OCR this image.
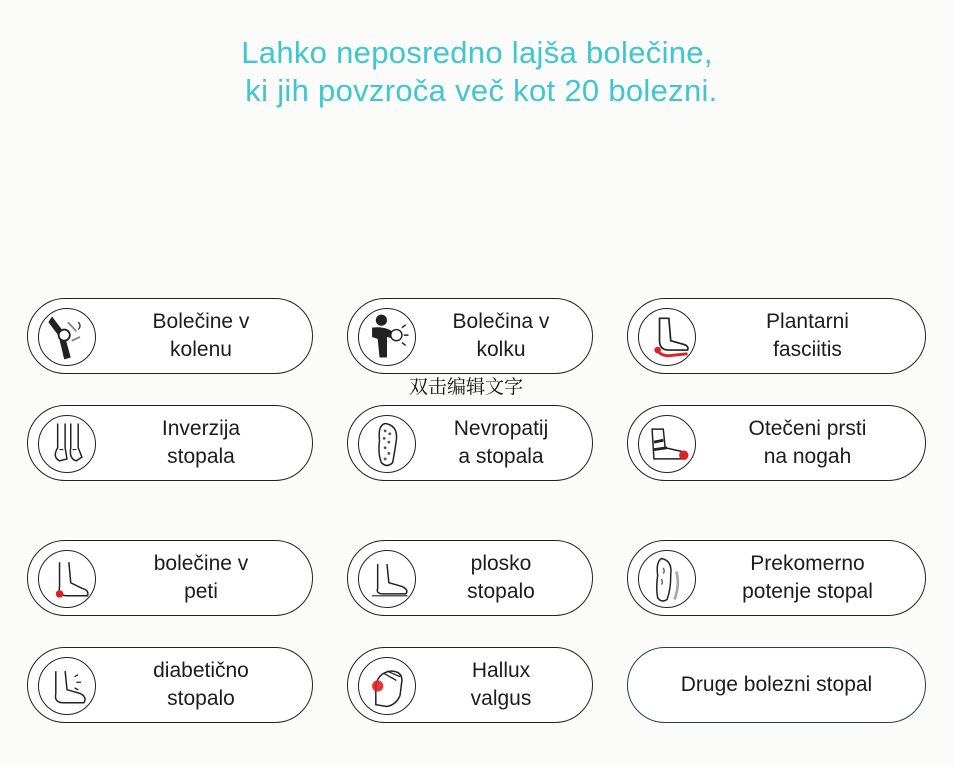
Lahko neposredno lajša bolečine,
ki jih povzroča več kot 20 bolezni.
Bolečine v
kolenu
Bolečina v
kolku
Plantarni
fasciitis
Inverzija
stopala
Nevropatij
a stopala
Otečeni prsti
na nogah
bolečine v
peti
plosko
stopalo
Prekomerno
potenje stopal
diabetično
stopalo
Hallux
valgus
Druge bolezni stopal
双击编辑文字
